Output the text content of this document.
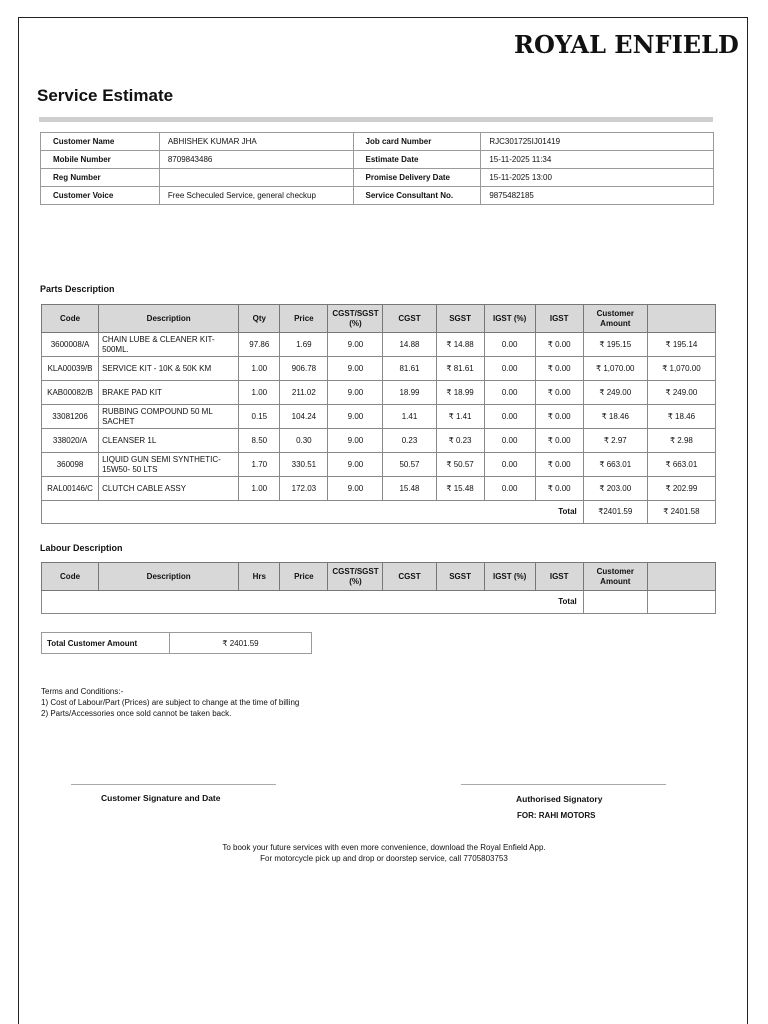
ROYAL ENFIELD
Service Estimate
Customer Name	ABHISHEK KUMAR JHA	Job card Number	RJC301725IJ01419
Mobile Number	8709843486	Estimate Date	15-11-2025 11:34
Reg Number		Promise Delivery Date	15-11-2025 13:00
Customer Voice	Free Scheculed Service, general checkup	Service Consultant No.	9875482185
Parts Description
Code	Description	Qty	Price	CGST/SGST (%)	CGST	SGST	IGST (%)	IGST	Customer Amount	
3600008/A	CHAIN LUBE & CLEANER KIT-500ML.	97.86	1.69	9.00	14.88	₹ 14.88	0.00	₹ 0.00	₹ 195.15	₹ 195.14
KLA00039/B	SERVICE KIT - 10K & 50K KM	1.00	906.78	9.00	81.61	₹ 81.61	0.00	₹ 0.00	₹ 1,070.00	₹ 1,070.00
KAB00082/B	BRAKE PAD KIT	1.00	211.02	9.00	18.99	₹ 18.99	0.00	₹ 0.00	₹ 249.00	₹ 249.00
33081206	RUBBING COMPOUND 50 ML SACHET	0.15	104.24	9.00	1.41	₹ 1.41	0.00	₹ 0.00	₹ 18.46	₹ 18.46
338020/A	CLEANSER 1L	8.50	0.30	9.00	0.23	₹ 0.23	0.00	₹ 0.00	₹ 2.97	₹ 2.98
360098	LIQUID GUN SEMI SYNTHETIC-15W50- 50 LTS	1.70	330.51	9.00	50.57	₹ 50.57	0.00	₹ 0.00	₹ 663.01	₹ 663.01
RAL00146/C	CLUTCH CABLE ASSY	1.00	172.03	9.00	15.48	₹ 15.48	0.00	₹ 0.00	₹ 203.00	₹ 202.99
Total									₹2401.59	₹ 2401.58
Labour Description
Code	Description	Hrs	Price	CGST/SGST (%)	CGST	SGST	IGST (%)	IGST	Customer Amount	
Total										
Total Customer Amount	₹ 2401.59
Terms and Conditions:-
1) Cost of Labour/Part (Prices) are subject to change at the time of billing
2) Parts/Accessories once sold cannot be taken back.
Customer Signature and Date	Authorised Signatory
FOR: RAHI MOTORS
To book your future services with even more convenience, download the Royal Enfield App.
For motorcycle pick up and drop or doorstep service, call 7705803753
